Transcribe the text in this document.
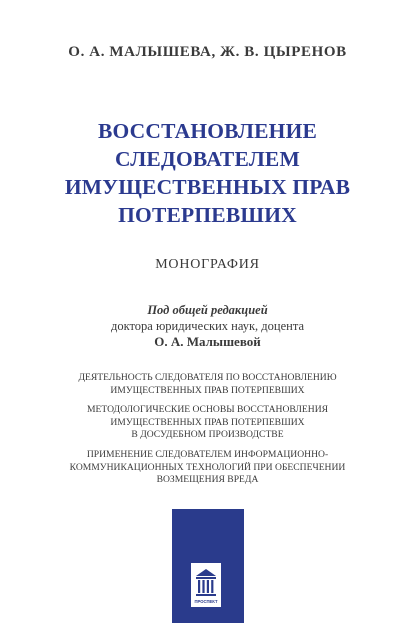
О. А. МАЛЫШЕВА, Ж. В. ЦЫРЕНОВ
ВОССТАНОВЛЕНИЕ
СЛЕДОВАТЕЛЕМ
ИМУЩЕСТВЕННЫХ ПРАВ
ПОТЕРПЕВШИХ
МОНОГРАФИЯ
Под общей редакцией
доктора юридических наук, доцента
О. А. Малышевой
ДЕЯТЕЛЬНОСТЬ СЛЕДОВАТЕЛЯ ПО ВОССТАНОВЛЕНИЮ
ИМУЩЕСТВЕННЫХ ПРАВ ПОТЕРПЕВШИХ
МЕТОДОЛОГИЧЕСКИЕ ОСНОВЫ ВОССТАНОВЛЕНИЯ
ИМУЩЕСТВЕННЫХ ПРАВ ПОТЕРПЕВШИХ
В ДОСУДЕБНОМ ПРОИЗВОДСТВЕ
ПРИМЕНЕНИЕ СЛЕДОВАТЕЛЕМ ИНФОРМАЦИОННО-
КОММУНИКАЦИОННЫХ ТЕХНОЛОГИЙ ПРИ ОБЕСПЕЧЕНИИ
ВОЗМЕЩЕНИЯ ВРЕДА
ПРОСПЕКТ
